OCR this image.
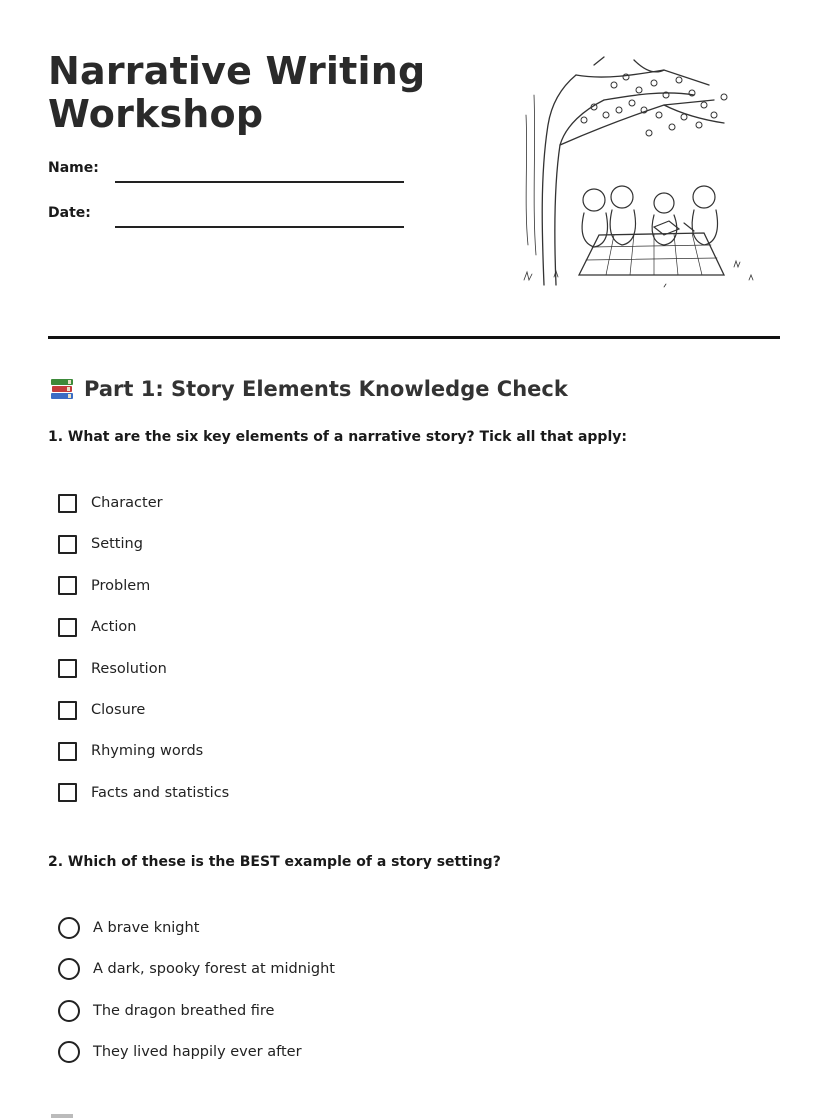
Narrative Writing
Workshop
Name:
Date:
Part 1: Story Elements Knowledge Check
1. What are the six key elements of a narrative story? Tick all that apply:
Character
Setting
Problem
Action
Resolution
Closure
Rhyming words
Facts and statistics
2. Which of these is the BEST example of a story setting?
A brave knight
A dark, spooky forest at midnight
The dragon breathed fire
They lived happily ever after
